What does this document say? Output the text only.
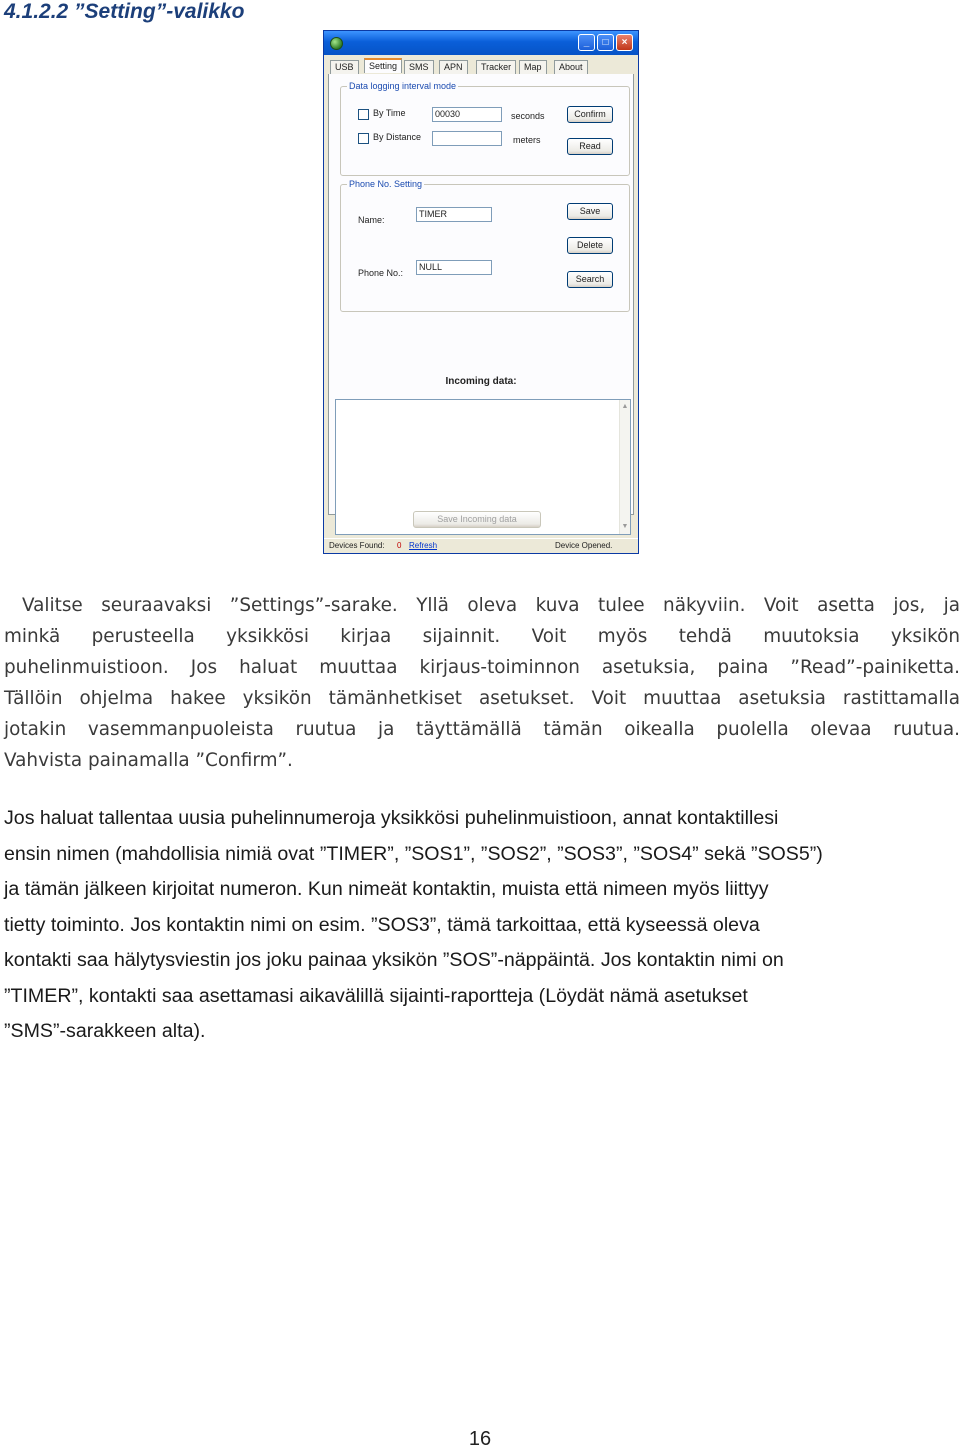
4.1.2.2 ”Setting”-valikko
_	□	×
USB	Setting	SMS	APN	Tracker	Map	About
Data logging interval mode
By Time	00030	seconds	Confirm
By Distance	meters
Read
Phone No. Setting
Name:
TIMER	Save
Delete
Phone No.:
NULL
Search
Incoming data:
▲
▼
Save Incoming data
Devices Found: 0 Refresh	Device Opened.
Valitse seuraavaksi ”Settings”-sarake. Yllä oleva kuva tulee näkyviin. Voit asetta jos, ja
minkä perusteella yksikkösi kirjaa sijainnit. Voit myös tehdä muutoksia yksikön
puhelinmuistioon. Jos haluat muuttaa kirjaus-toiminnon asetuksia, paina ”Read”-painiketta.
Tällöin ohjelma hakee yksikön tämänhetkiset asetukset. Voit muuttaa asetuksia rastittamalla
jotakin vasemmanpuoleista ruutua ja täyttämällä tämän oikealla puolella olevaa ruutua.
Vahvista painamalla ”Confirm”.
Jos haluat tallentaa uusia puhelinnumeroja yksikkösi puhelinmuistioon, annat kontaktillesi
ensin nimen (mahdollisia nimiä ovat ”TIMER”, ”SOS1”, ”SOS2”, ”SOS3”, ”SOS4” sekä ”SOS5”)
ja tämän jälkeen kirjoitat numeron. Kun nimeät kontaktin, muista että nimeen myös liittyy
tietty toiminto. Jos kontaktin nimi on esim. ”SOS3”, tämä tarkoittaa, että kyseessä oleva
kontakti saa hälytysviestin jos joku painaa yksikön ”SOS”-näppäintä. Jos kontaktin nimi on
”TIMER”, kontakti saa asettamasi aikavälillä sijainti-raportteja (Löydät nämä asetukset
”SMS”-sarakkeen alta).
16
